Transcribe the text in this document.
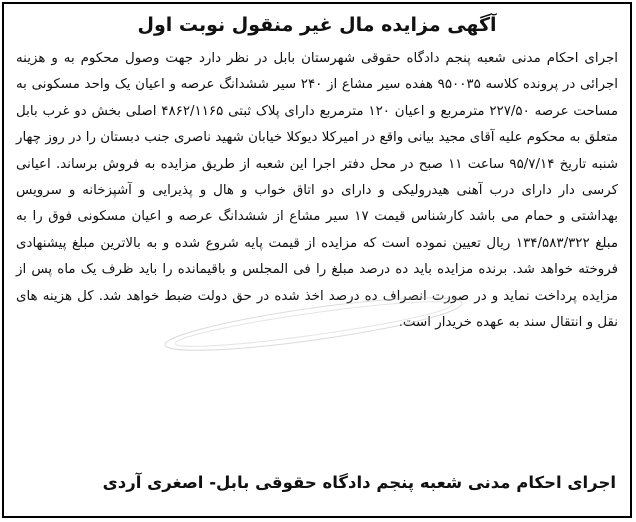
آگهی مزایده مال غیر منقول نوبت اول

اجرای احکام مدنی شعبه پنجم دادگاه حقوقی شهرستان بابل در نظر دارد جهت وصول محکوم به و هزینه اجرائی در پرونده کلاسه ۹۵۰۰۳۵ هفده سیر مشاع از ۲۴۰ سیر ششدانگ عرصه و اعیان یک واحد مسکونی به مساحت عرصه ۲۲۷/۵۰ مترمربع و اعیان ۱۲۰ مترمربع دارای پلاک ثبتی ۴۸۶۲/۱۱۶۵ اصلی بخش دو غرب بابل متعلق به محکوم علیه آقای مجید بیانی واقع در امیرکلا دیوکلا خیابان شهید ناصری جنب دبستان را در روز چهار شنبه تاریخ ۹۵/۷/۱۴ ساعت ۱۱ صبح در محل دفتر اجرا این شعبه از طریق مزایده به فروش برساند. اعیانی کرسی دار دارای درب آهنی هیدرولیکی و دارای دو اتاق خواب و هال و پذیرایی و آشپزخانه و سرویس بهداشتی و حمام می باشد کارشناس قیمت ۱۷ سیر مشاع از ششدانگ عرصه و اعیان مسکونی فوق را به مبلغ ۱۳۴/۵۸۳/۳۲۲ ریال تعیین نموده است که مزایده از قیمت پایه شروع شده و به بالاترین مبلغ پیشنهادی فروخته خواهد شد. برنده مزایده باید ده درصد مبلغ را فی المجلس و باقیمانده را باید ظرف یک ماه پس از مزایده پرداخت نماید و در صورت انصراف ده درصد اخذ شده در حق دولت ضبط خواهد شد. کل هزینه های نقل و انتقال سند به عهده خریدار است.

اجرای احکام مدنی شعبه پنجم دادگاه حقوقی بابل- اصغری آردی
